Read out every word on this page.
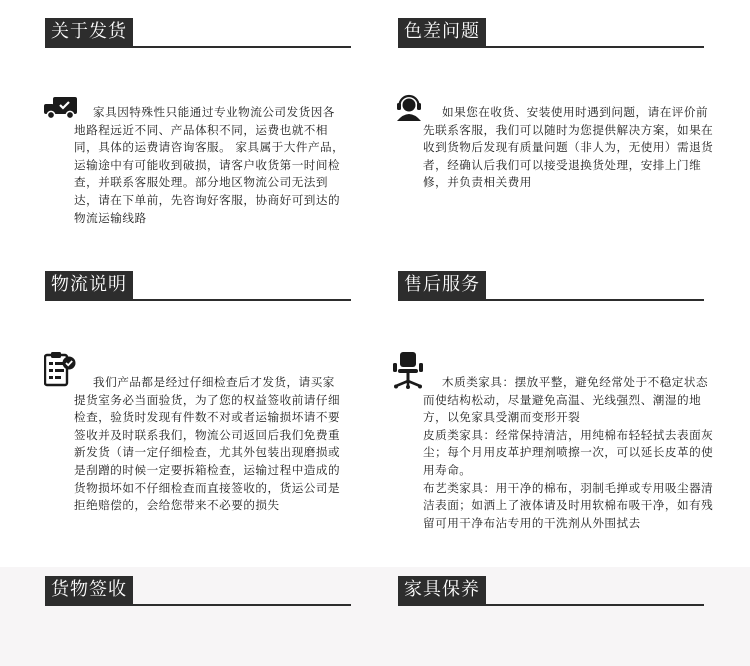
关于发货

家具因特殊性只能通过专业物流公司发货因各地路程远近不同、产品体积不同，运费也就不相同，具体的运费请咨询客服。 家具属于大件产品，运输途中有可能收到破损，请客户收货第一时间检查，并联系客服处理。部分地区物流公司无法到达，请在下单前，先咨询好客服，协商好可到达的物流运输线路

色差问题

如果您在收货、安装使用时遇到问题，请在评价前先联系客服，我们可以随时为您提供解决方案，如果在收到货物后发现有质量问题（非人为，无使用）需退货者，经确认后我们可以接受退换货处理，安排上门维修，并负责相关费用

物流说明

我们产品都是经过仔细检查后才发货，请买家提货室务必当面验货，为了您的权益签收前请仔细检查，验货时发现有件数不对或者运输损坏请不要签收并及时联系我们，物流公司返回后我们免费重新发货（请一定仔细检查，尤其外包装出现磨损或是刮蹭的时候一定要拆箱检查，运输过程中造成的货物损坏如不仔细检查而直接签收的，货运公司是拒绝赔偿的，会给您带来不必要的损失

售后服务

木质类家具：摆放平整，避免经常处于不稳定状态而使结构松动，尽量避免高温、光线强烈、潮湿的地方，以免家具受潮而变形开裂

皮质类家具：经常保持清洁，用纯棉布轻轻拭去表面灰尘；每个月用皮革护理剂喷擦一次，可以延长皮革的使用寿命。

布艺类家具：用干净的棉布，羽制毛掸或专用吸尘器清洁表面；如洒上了液体请及时用软棉布吸干净，如有残留可用干净布沾专用的干洗剂从外围拭去

货物签收	家具保养
